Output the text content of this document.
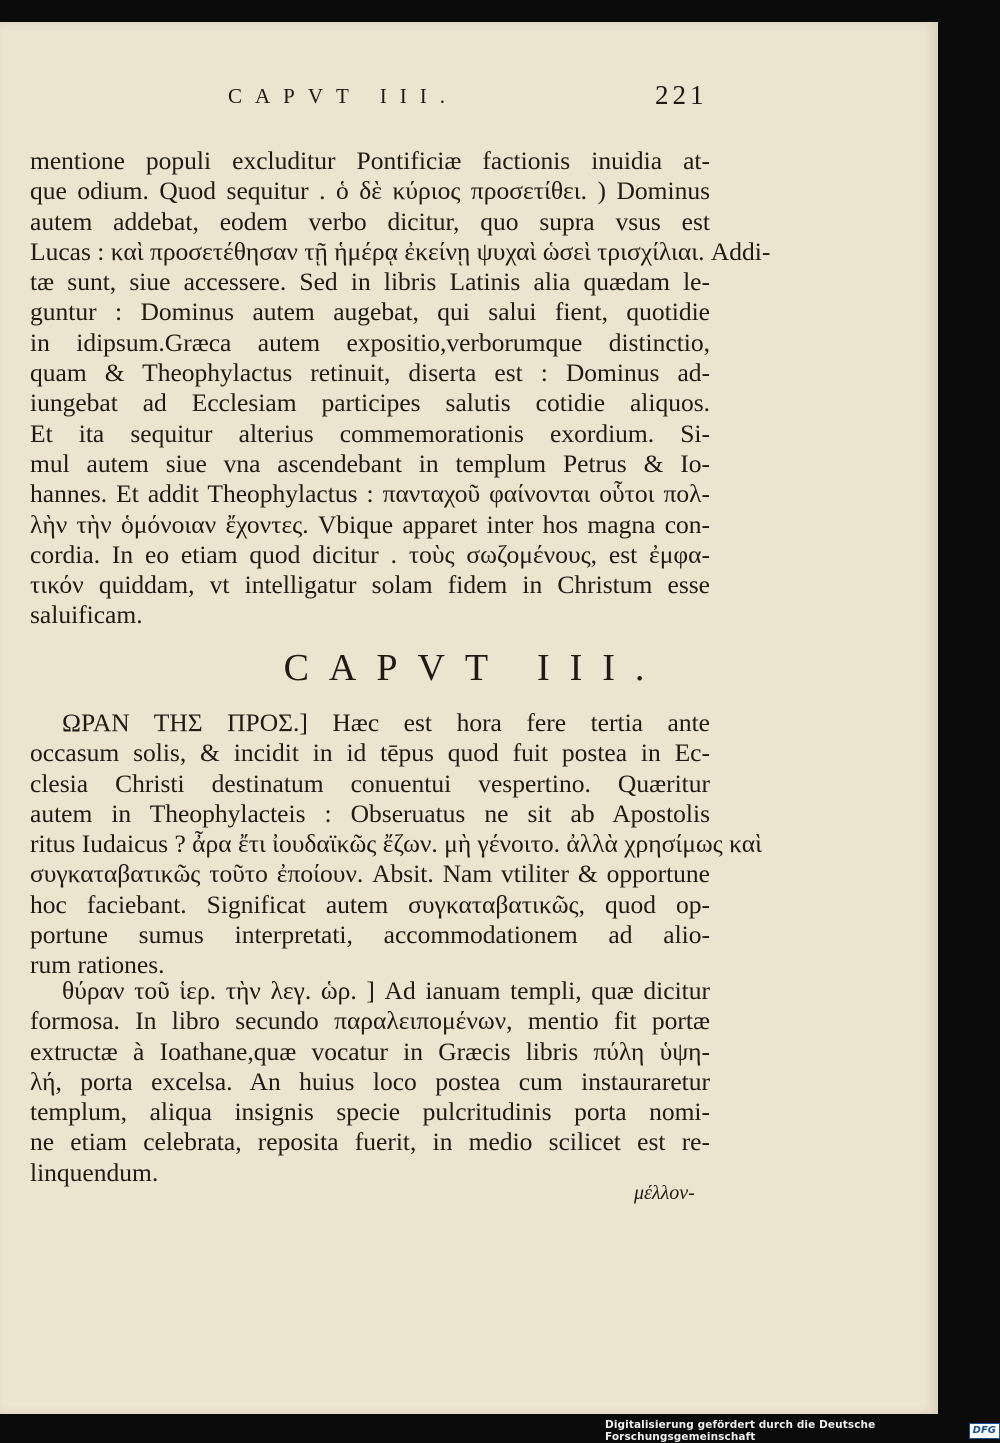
CAPVT III.	221
mentione populi excluditur Pontificiæ factionis inuidia at-
que odium. Quod sequitur . ὁ δὲ κύριος προσετίθει. ) Dominus
autem addebat, eodem verbo dicitur, quo supra vsus est
Lucas : καὶ προσετέθησαν τῇ ἡμέρᾳ ἐκείνῃ ψυχαὶ ὡσεὶ τρισχίλιαι. Addi-
tæ sunt, siue accessere. Sed in libris Latinis alia quædam le-
guntur : Dominus autem augebat, qui salui fient, quotidie
in idipsum.Græca autem expositio,verborumque distinctio,
quam & Theophylactus retinuit, diserta est : Dominus ad-
iungebat ad Ecclesiam participes salutis cotidie aliquos.
Et ita sequitur alterius commemorationis exordium. Si-
mul autem siue vna ascendebant in templum Petrus & Io-
hannes. Et addit Theophylactus : πανταχοῦ φαίνονται οὗτοι πολ-
λὴν τὴν ὁμόνοιαν ἔχοντες. Vbique apparet inter hos magna con-
cordia. In eo etiam quod dicitur . τοὺς σωζομένους, est ἐμφα-
τικόν quiddam, vt intelligatur solam fidem in Christum esse
saluificam.
CAPVT III.
ΩΡΑΝ ΤΗΣ ΠΡΟΣ.] Hæc est hora fere tertia ante
occasum solis, & incidit in id tēpus quod fuit postea in Ec-
clesia Christi destinatum conuentui vespertino. Quæritur
autem in Theophylacteis : Obseruatus ne sit ab Apostolis
ritus Iudaicus ? ἆρα ἔτι ἰουδαϊκῶς ἔζων. μὴ γένοιτο. ἀλλὰ χρησίμως καὶ
συγκαταβατικῶς τοῦτο ἐποίουν. Absit. Nam vtiliter & opportune
hoc faciebant. Significat autem συγκαταβατικῶς, quod op-
portune sumus interpretati, accommodationem ad alio-
rum rationes.
θύραν τοῦ ἱερ. τὴν λεγ. ὡρ. ] Ad ianuam templi, quæ dicitur
formosa. In libro secundo παραλειπομένων, mentio fit portæ
extructæ à Ioathane,quæ vocatur in Græcis libris πύλη ὑψη-
λή, porta excelsa. An huius loco postea cum instauraretur
templum, aliqua insignis specie pulcritudinis porta nomi-
ne etiam celebrata, reposita fuerit, in medio scilicet est re-
linquendum.
μέλλον-
Digitalisierung gefördert durch die Deutsche Forschungsgemeinschaft
DFG
